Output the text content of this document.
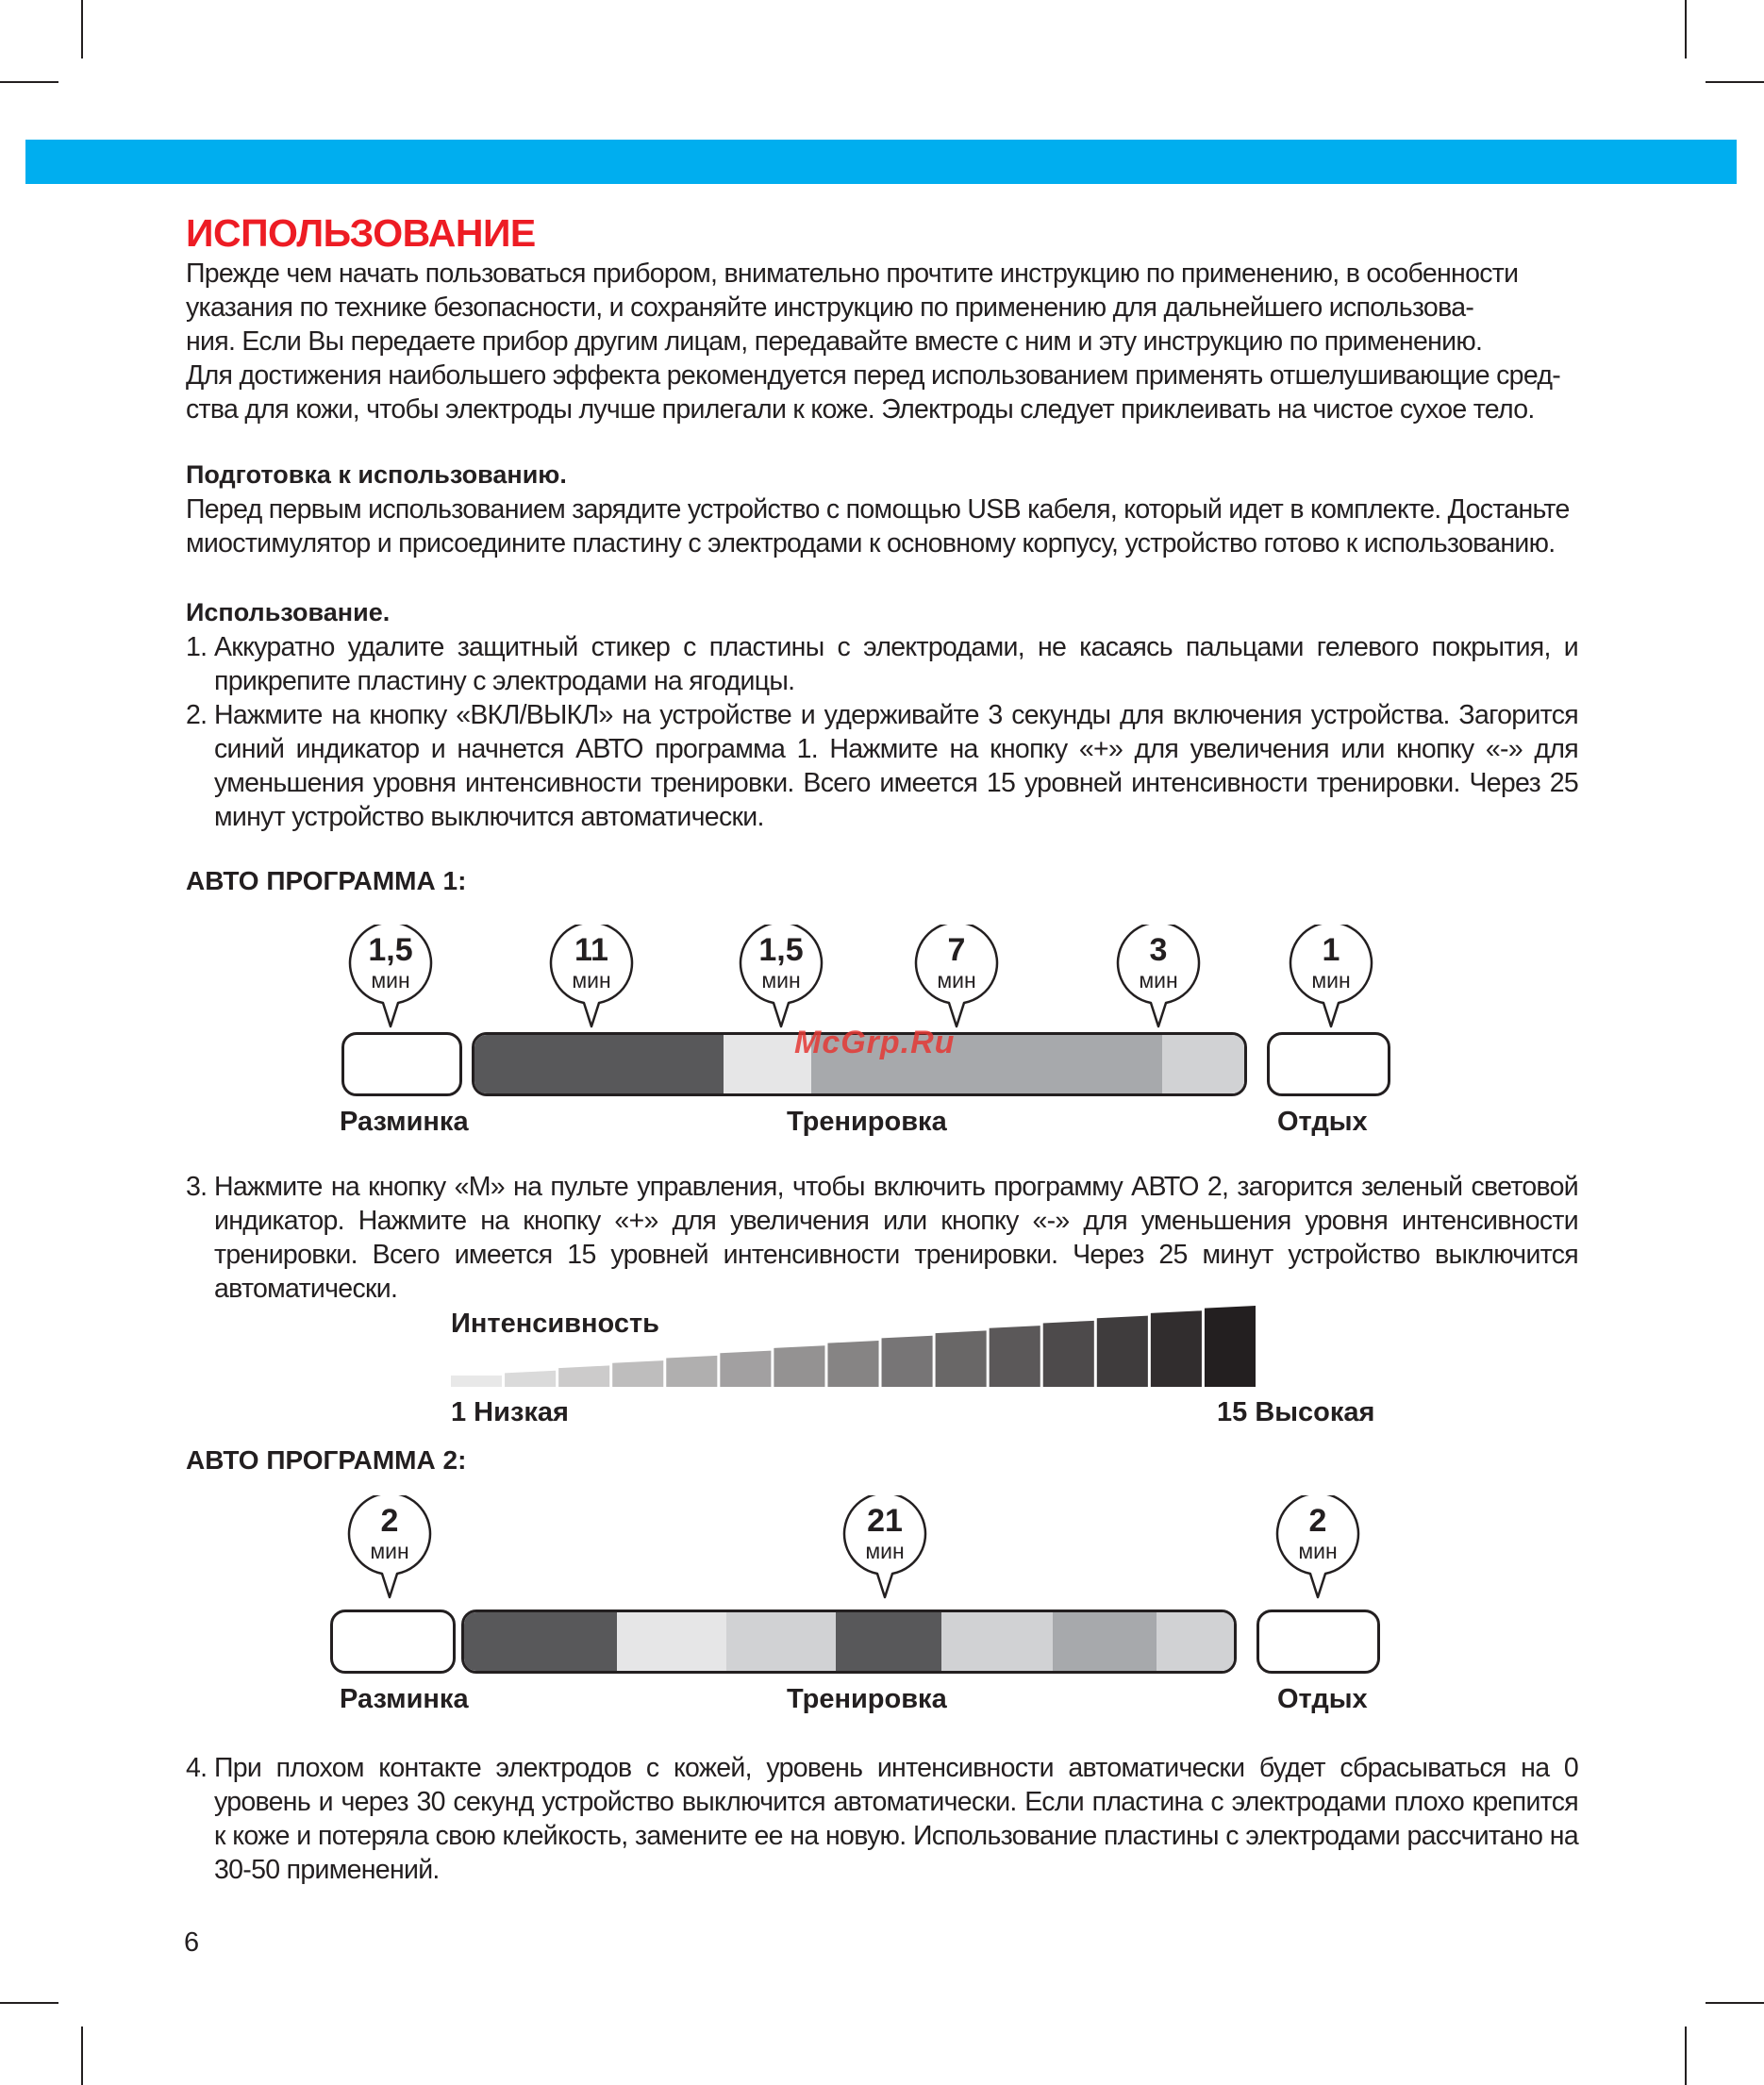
ИСПОЛЬЗОВАНИЕ
Прежде чем начать пользоваться прибором, внимательно прочтите инструкцию по применению, в особенности
указания по технике безопасности, и сохраняйте инструкцию по применению для дальнейшего использова-
ния. Если Вы передаете прибор другим лицам, передавайте вместе с ним и эту инструкцию по применению.
Для достижения наибольшего эффекта рекомендуется перед использованием применять отшелушивающие сред-
ства для кожи, чтобы электроды лучше прилегали к коже. Электроды следует приклеивать на чистое сухое тело.
Подготовка к использованию.
Перед первым использованием зарядите устройство с помощью USB кабеля, который идет в комплекте. Достаньте
миостимулятор и присоедините пластину с электродами к основному корпусу, устройство готово к использованию.
Использование.
1. Аккуратно удалите защитный стикер с пластины с электродами, не касаясь пальцами гелевого покрытия, и прикрепите пластину с электродами на ягодицы.
2. Нажмите на кнопку «ВКЛ/ВЫКЛ» на устройстве и удерживайте 3 секунды для включения устройства. Загорится синий индикатор и начнется АВТО программа 1. Нажмите на кнопку «+» для увеличения или кнопку «-» для уменьшения уровня интенсивности тренировки. Всего имеется 15 уровней интенсивности тренировки. Через 25 минут устройство выключится автоматически.
АВТО ПРОГРАММА 1:
1,5
мин
11
мин
1,5
мин
7
мин
3
мин
1
мин
Разминка	Тренировка	Отдых
McGrp.Ru
3. Нажмите на кнопку «М» на пульте управления, чтобы включить программу АВТО 2, загорится зеленый световой индикатор. Нажмите на кнопку «+» для увеличения или кнопку «-» для уменьшения уровня интенсивности тренировки. Всего имеется 15 уровней интенсивности тренировки. Через 25 минут устройство выключится автоматически.
Интенсивность
1 Низкая	15 Высокая
АВТО ПРОГРАММА 2:
2
мин
21
мин
2
мин
Разминка	Тренировка	Отдых
4. При плохом контакте электродов с кожей, уровень интенсивности автоматически будет сбрасываться на 0 уровень и через 30 секунд устройство выключится автоматически. Если пластина с электродами плохо крепится к коже и потеряла свою клейкость, замените ее на новую. Использование пластины с электродами рассчитано на 30-50 применений.
6
